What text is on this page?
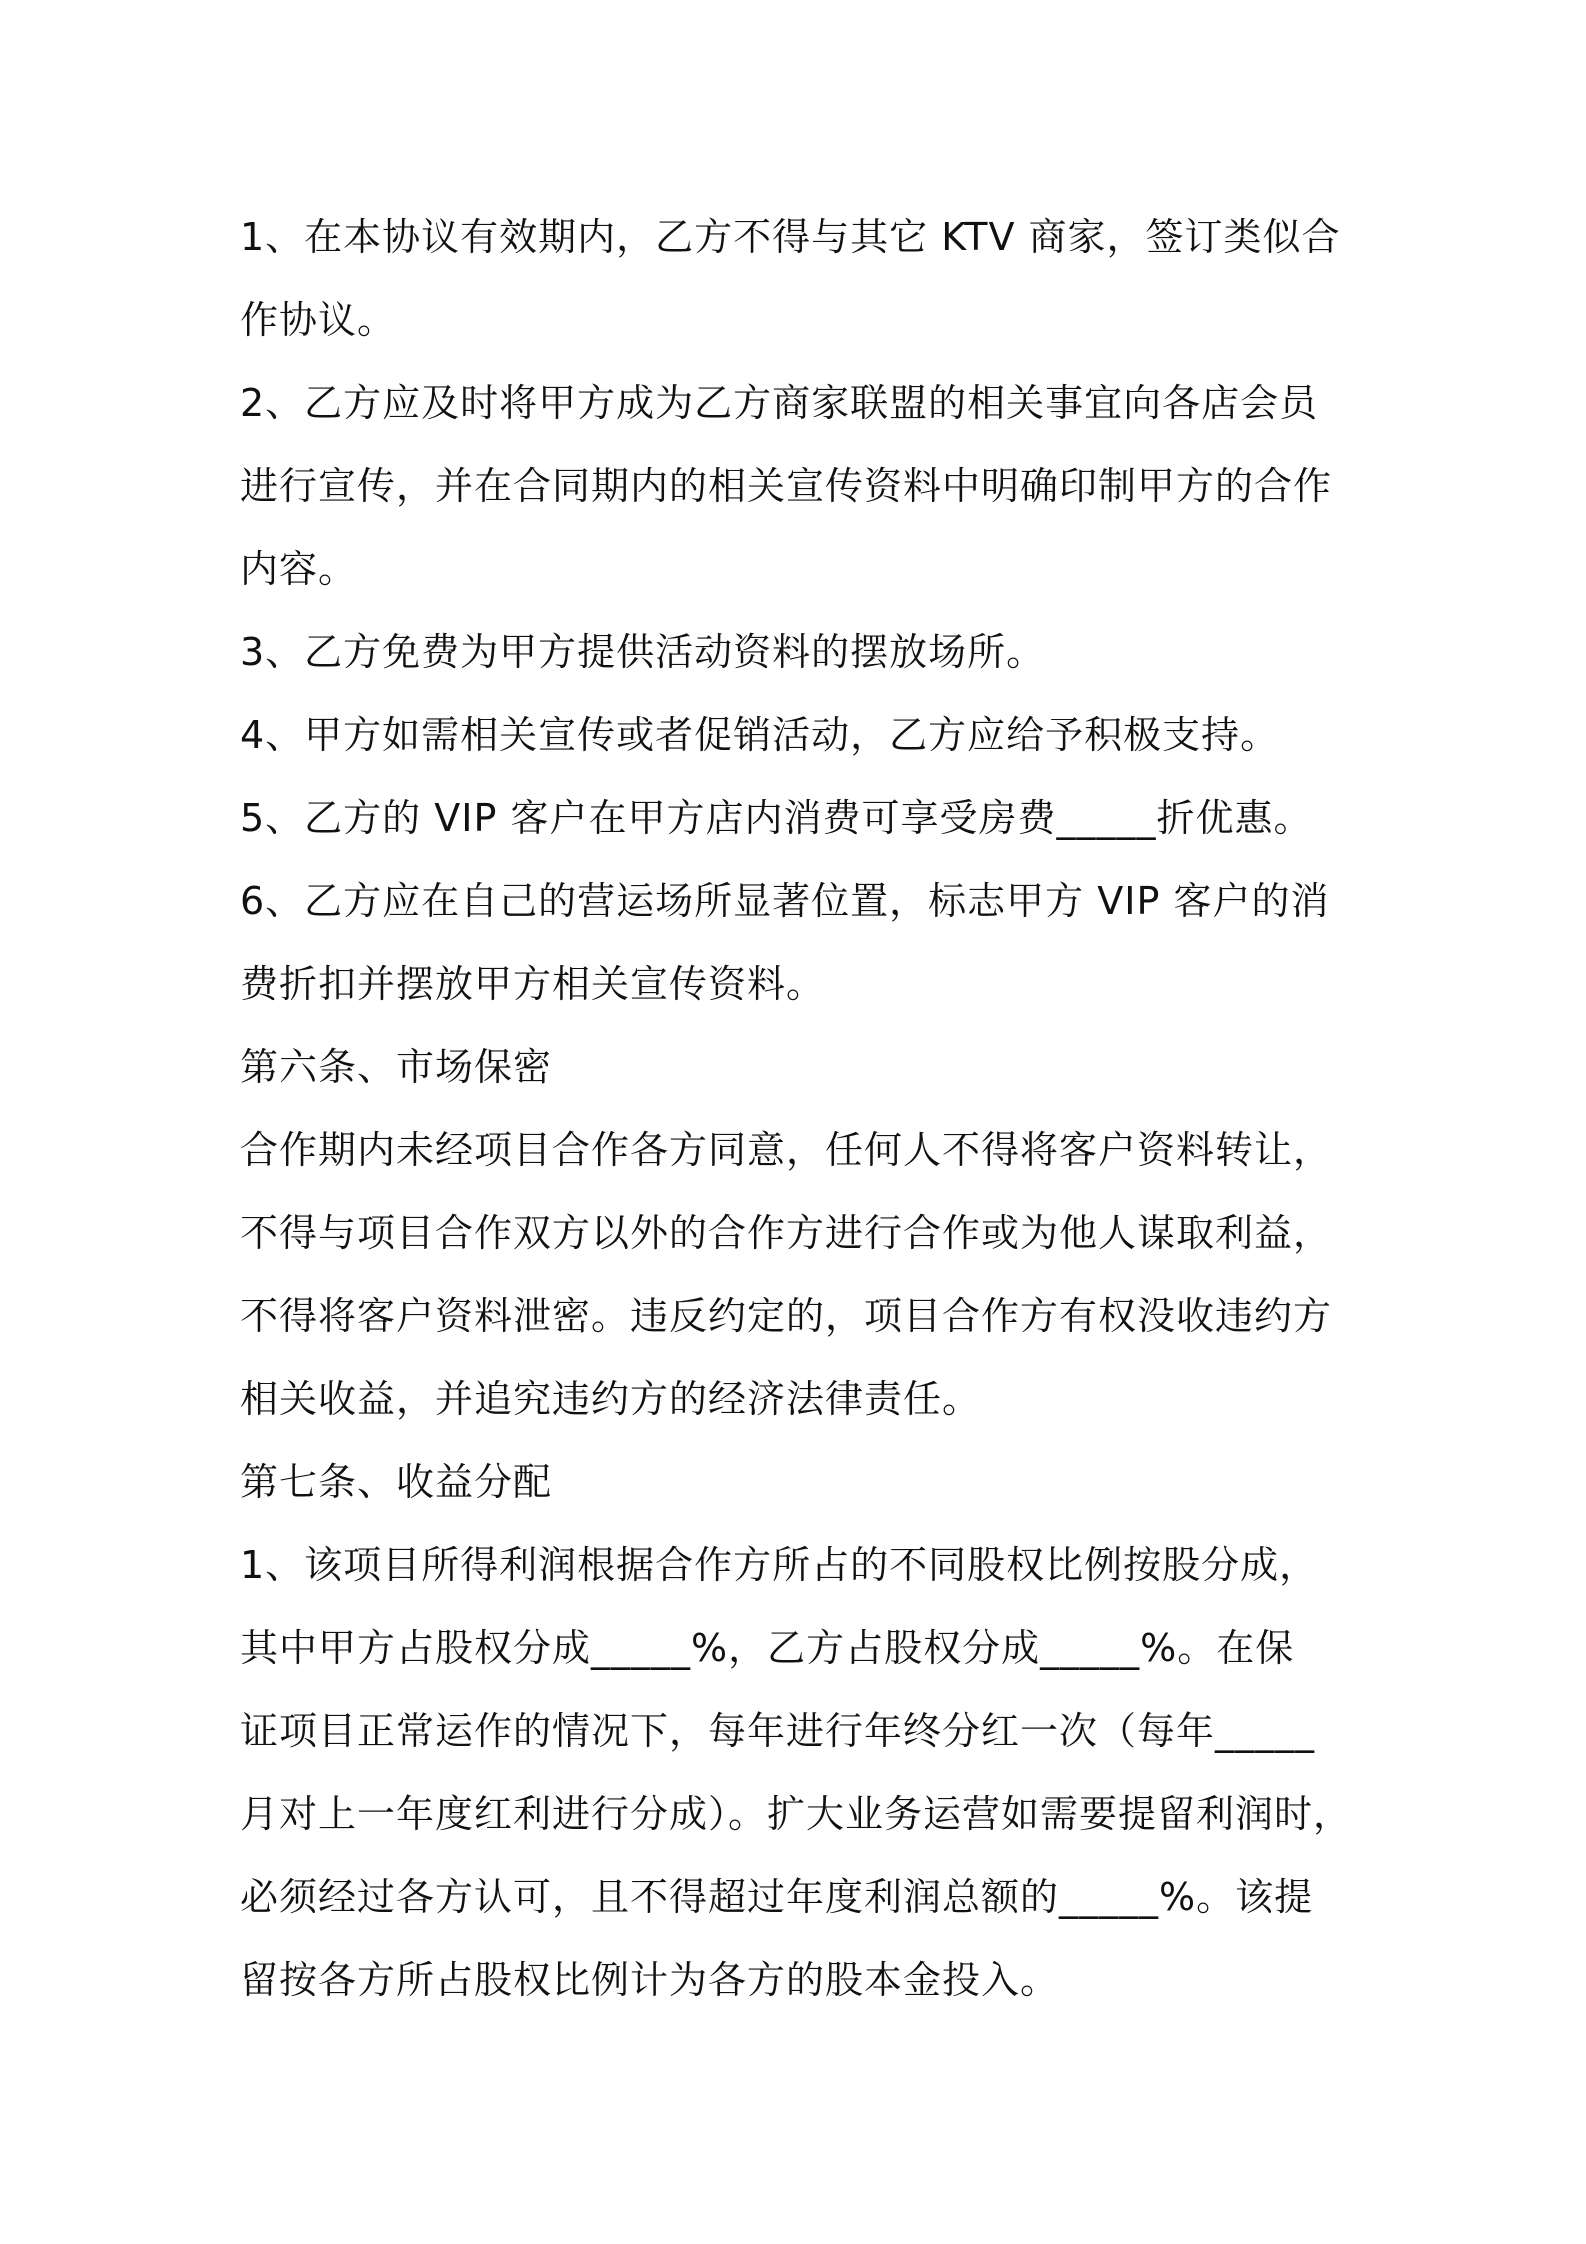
1、在本协议有效期内，乙方不得与其它 KTV 商家，签订类似合
作协议。
2、乙方应及时将甲方成为乙方商家联盟的相关事宜向各店会员
进行宣传，并在合同期内的相关宣传资料中明确印制甲方的合作
内容。
3、乙方免费为甲方提供活动资料的摆放场所。
4、甲方如需相关宣传或者促销活动，乙方应给予积极支持。
5、乙方的 VIP 客户在甲方店内消费可享受房费_____折优惠。
6、乙方应在自己的营运场所显著位置，标志甲方 VIP 客户的消
费折扣并摆放甲方相关宣传资料。
第六条、市场保密
合作期内未经项目合作各方同意，任何人不得将客户资料转让，
不得与项目合作双方以外的合作方进行合作或为他人谋取利益，
不得将客户资料泄密。违反约定的，项目合作方有权没收违约方
相关收益，并追究违约方的经济法律责任。
第七条、收益分配
1、该项目所得利润根据合作方所占的不同股权比例按股分成，
其中甲方占股权分成_____%，乙方占股权分成_____%。在保
证项目正常运作的情况下，每年进行年终分红一次（每年_____
月对上一年度红利进行分成）。扩大业务运营如需要提留利润时，
必须经过各方认可，且不得超过年度利润总额的_____%。该提
留按各方所占股权比例计为各方的股本金投入。
